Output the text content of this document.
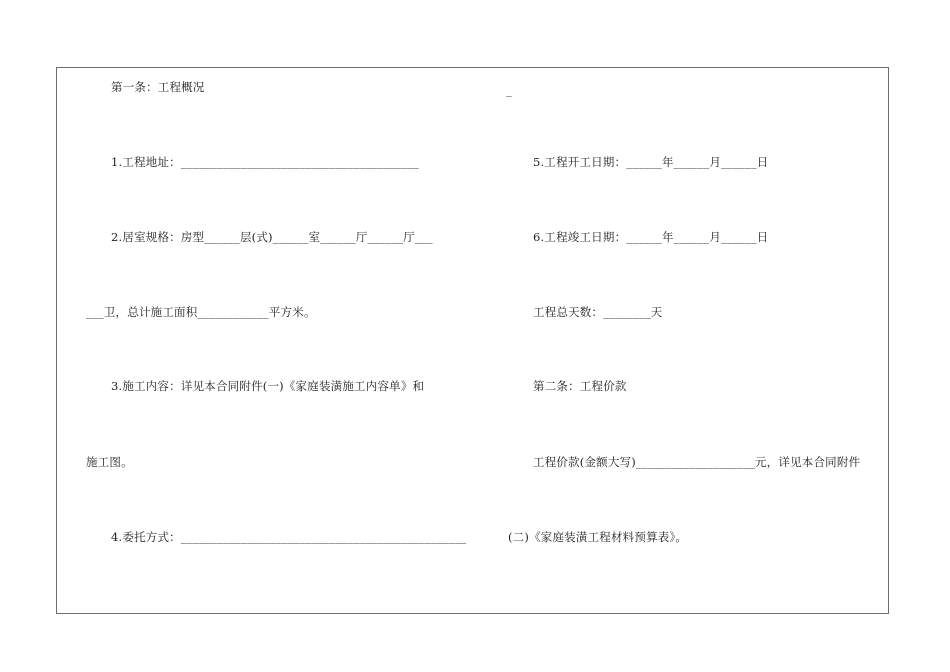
第一条：工程概况	_
1.工程地址：________________________________________
2.居室规格：房型______层(式)______室______厅______厅___
___卫，总计施工面积____________平方米。
3.施工内容：详见本合同附件(一)《家庭装潢施工内容单》和
施工图。
4.委托方式：________________________________________________
5.工程开工日期：______年______月______日
6.工程竣工日期：______年______月______日
工程总天数：________天
第二条：工程价款
工程价款(金额大写)____________________元，详见本合同附件
(二)《家庭装潢工程材料预算表》。
